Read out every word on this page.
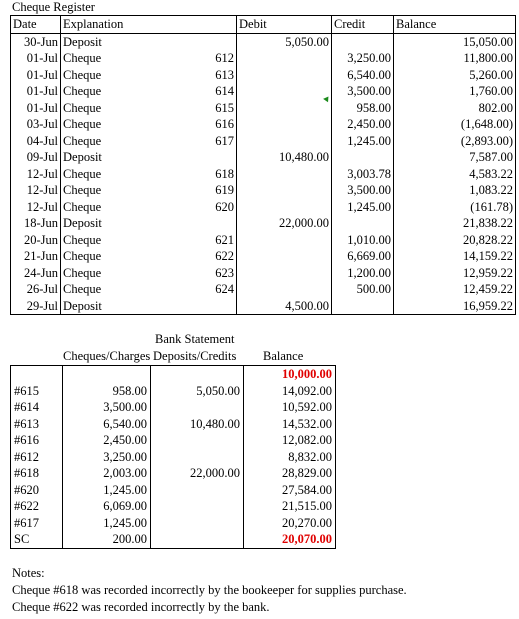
Cheque Register
Date	Explanation		Debit	Credit	Balance
30-Jun	Deposit		5,050.00		15,050.00
01-Jul	Cheque	612		3,250.00	11,800.00
01-Jul	Cheque	613		6,540.00	5,260.00
01-Jul	Cheque	614		3,500.00	1,760.00
01-Jul	Cheque	615		958.00	802.00
03-Jul	Cheque	616		2,450.00	(1,648.00)
04-Jul	Cheque	617		1,245.00	(2,893.00)
09-Jul	Deposit		10,480.00		7,587.00
12-Jul	Cheque	618		3,003.78	4,583.22
12-Jul	Cheque	619		3,500.00	1,083.22
12-Jul	Cheque	620		1,245.00	(161.78)
18-Jun	Deposit		22,000.00		21,838.22
20-Jun	Cheque	621		1,010.00	20,828.22
21-Jun	Cheque	622		6,669.00	14,159.22
24-Jun	Cheque	623		1,200.00	12,959.22
26-Jul	Cheque	624		500.00	12,459.22
29-Jul	Deposit		4,500.00		16,959.22
Bank Statement
Cheques/Charges Deposits/Credits Balance
			10,000.00
#615	958.00	5,050.00	14,092.00
#614	3,500.00		10,592.00
#613	6,540.00	10,480.00	14,532.00
#616	2,450.00		12,082.00
#612	3,250.00		8,832.00
#618	2,003.00	22,000.00	28,829.00
#620	1,245.00		27,584.00
#622	6,069.00		21,515.00
#617	1,245.00		20,270.00
SC	200.00		20,070.00
Notes:
Cheque #618 was recorded incorrectly by the bookeeper for supplies purchase.
Cheque #622 was recorded incorrectly by the bank.
